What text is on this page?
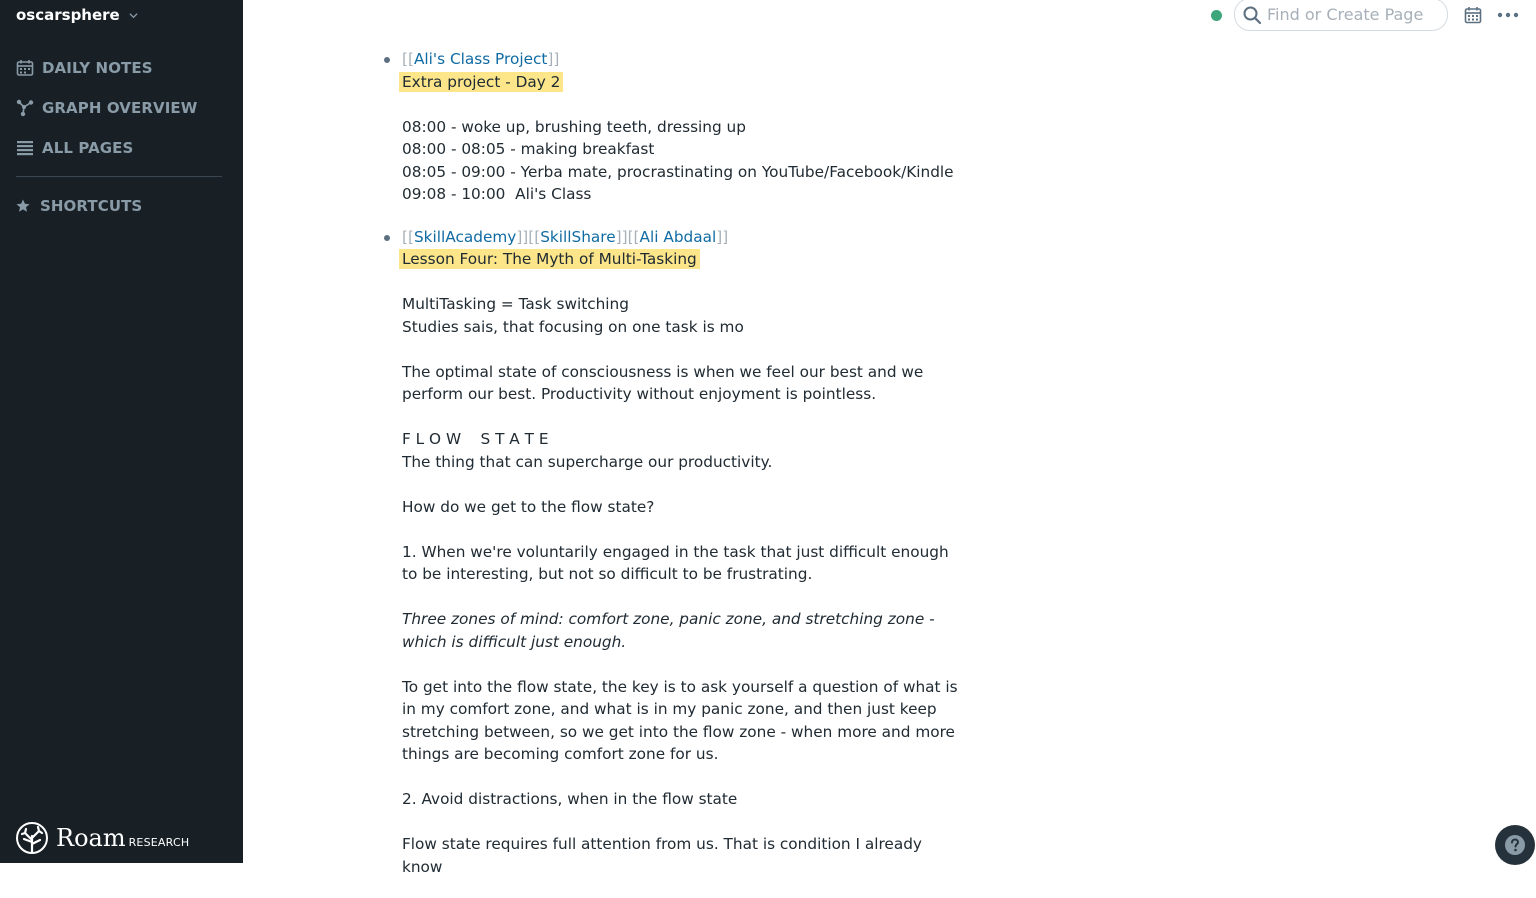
oscarsphere
DAILY NOTES
GRAPH OVERVIEW
ALL PAGES
SHORTCUTS
Roam RESEARCH
Find or Create Page
[[Ali's Class Project]]
Extra project - Day 2
08:00 - woke up, brushing teeth, dressing up
08:00 - 08:05 - making breakfast
08:05 - 09:00 - Yerba mate, procrastinating on YouTube/Facebook/Kindle
09:08 - 10:00  Ali's Class
[[SkillAcademy]][[SkillShare]][[Ali Abdaal]]
Lesson Four: The Myth of Multi-Tasking
MultiTasking = Task switching
Studies sais, that focusing on one task is mo
The optimal state of consciousness is when we feel our best and we perform our best. Productivity without enjoyment is pointless.
F L O W    S T A T E
The thing that can supercharge our productivity.
How do we get to the flow state?
1. When we're voluntarily engaged in the task that just difficult enough to be interesting, but not so difficult to be frustrating.
Three zones of mind: comfort zone, panic zone, and stretching zone - which is difficult just enough.
To get into the flow state, the key is to ask yourself a question of what is in my comfort zone, and what is in my panic zone, and then just keep stretching between, so we get into the flow zone - when more and more things are becoming comfort zone for us.
2. Avoid distractions, when in the flow state
Flow state requires full attention from us. That is condition I already know
